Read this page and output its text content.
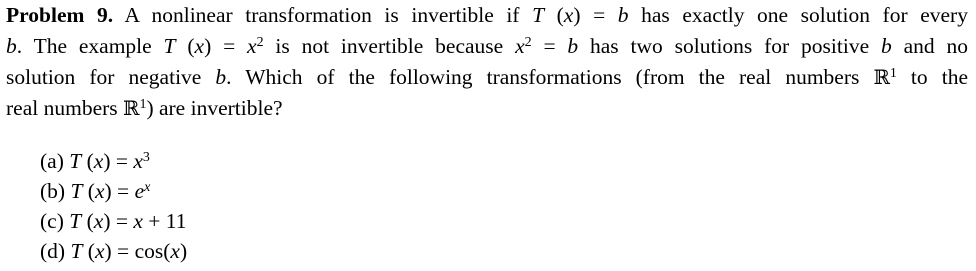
Problem 9. A nonlinear transformation is invertible if T (x) = b has exactly one solution for every
b. The example T $(x) = x^2$ is not invertible because $x^2 = b$ has two solutions for positive b and no
solution for negative b. Which of the following transformations (from the real numbers ℝ$^1$ to the
real numbers ℝ$^1$) are invertible?
(a) T $(x) = x^3$
(b) T $(x) = e^x$
(c) T (x) = x + 11
(d) T (x) = cos(x)
